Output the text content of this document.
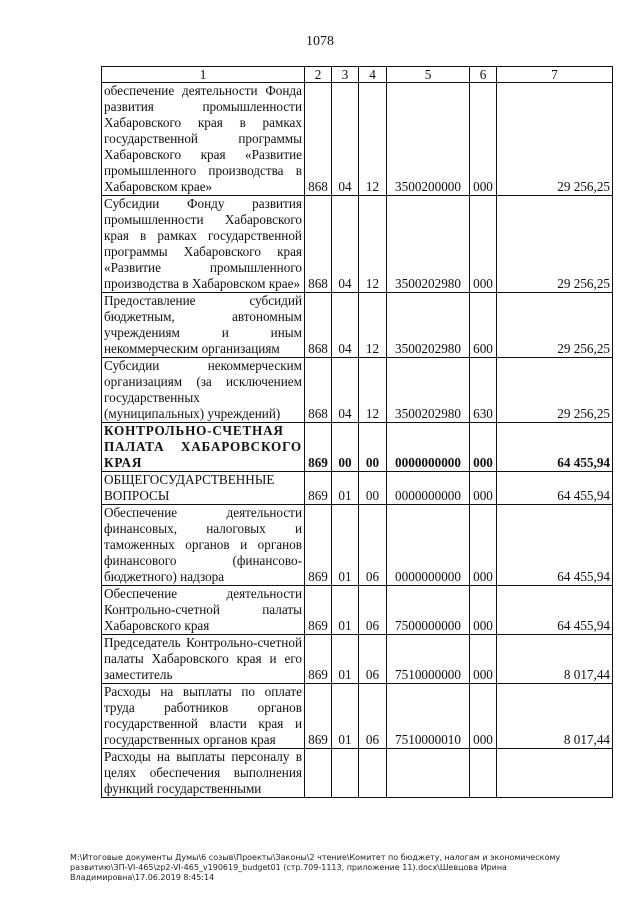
1078
1	2	3	4	5	6	7
обеспечение деятельности Фонда развития промышленности Хабаровского края в рамках государственной программы Хабаровского края «Развитие промышленного производства в Хабаровском крае»	868	04	12	3500200000	000	29 256,25
Субсидии Фонду развития промышленности Хабаровского края в рамках государственной программы Хабаровского края «Развитие промышленного производства в Хабаровском крае»	868	04	12	3500202980	000	29 256,25
Предоставление субсидий бюджетным, автономным учреждениям и иным некоммерческим организациям	868	04	12	3500202980	600	29 256,25
Субсидии некоммерческим организациям (за исключением государственных (муниципальных) учреждений)	868	04	12	3500202980	630	29 256,25
КОНТРОЛЬНО-СЧЕТНАЯ ПАЛАТА ХАБАРОВСКОГО КРАЯ	869	00	00	0000000000	000	64 455,94
ОБЩЕГОСУДАРСТВЕННЫЕ ВОПРОСЫ	869	01	00	0000000000	000	64 455,94
Обеспечение деятельности финансовых, налоговых и таможенных органов и органов финансового (финансово-бюджетного) надзора	869	01	06	0000000000	000	64 455,94
Обеспечение деятельности Контрольно-счетной палаты Хабаровского края	869	01	06	7500000000	000	64 455,94
Председатель Контрольно-счетной палаты Хабаровского края и его заместитель	869	01	06	7510000000	000	8 017,44
Расходы на выплаты по оплате труда работников органов государственной власти края и государственных органов края	869	01	06	7510000010	000	8 017,44
Расходы на выплаты персоналу в целях обеспечения выполнения функций государственными						
M:\Итоговые документы Думы\6 созыв\Проекты\Законы\2 чтение\Комитет по бюджету, налогам и экономическому развитию\ЗП-VI-465\zp2-VI-465_v190619_budget01 (стр.709-1113, приложение 11).docx\Шевцова Ирина Владимировна\17.06.2019 8:45:14
